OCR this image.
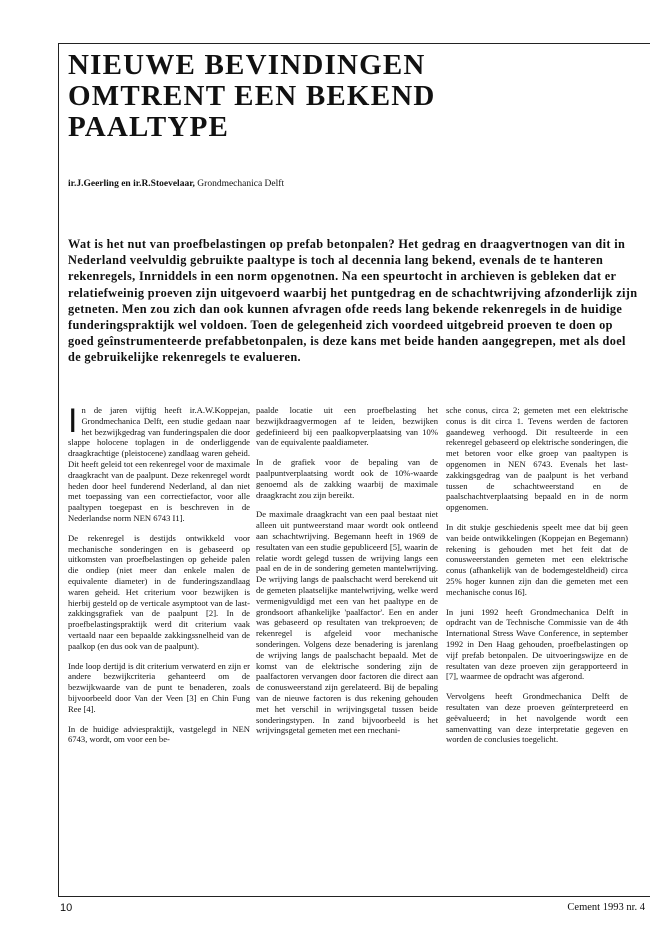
NIEUWE BEVINDINGEN
OMTRENT EEN BEKEND
PAALTYPE
ir.J.Geerling en ir.R.Stoevelaar, Grondmechanica Delft

Wat is het nut van proefbelastingen op prefab betonpalen? Het gedrag en draagvertnogen van dit in Nederland veelvuldig gebruikte paaltype is toch al decennia lang bekend, evenals de te hanteren rekenregels, Inrniddels in een norm opgenotnen. Na een speurtocht in archieven is gebleken dat er relatiefweinig proeven zijn uitgevoerd waarbij het puntgedrag en de schachtwrijving afzonderlijk zijn getneten. Men zou zich dan ook kunnen afvragen ofde reeds lang bekende rekenregels in de huidige funderingspraktijk wel voldoen. Toen de gelegenheid zich voordeed uitgebreid proeven te doen op goed geînstrumenteerde prefabbetonpalen, is deze kans met beide handen aangegrepen, met als doel de gebruikelijke rekenregels te evalueren.

In de jaren vijftig heeft ir.A.W.Koppejan, Grondmechanica Delft, een studie gedaan naar het bezwijkgedrag van funderingspalen die door slappe holocene toplagen in de onderliggende draagkrachtige (pleistocene) zandlaag waren geheid. Dit heeft geleid tot een rekenregel voor de maximale draagkracht van de paalpunt. Deze rekenregel wordt heden door heel funderend Nederland, al dan niet met toepassing van een correctiefactor, voor alle paaltypen toegepast en is beschreven in de Nederlandse norm NEN 6743 I1].

De rekenregel is destijds ontwikkeld voor mechanische sonderingen en is gebaseerd op uitkomsten van proefbelastingen op geheide palen die ondiep (niet meer dan enkele malen de equivalente diameter) in de funderingszandlaag waren geheid. Het criterium voor bezwijken is hierbij gesteld op de verticale asymptoot van de last-zakkingsgrafiek van de paalpunt [2]. In de proefbelastingspraktijk werd dit criterium vaak vertaald naar een bepaalde zakkingssnelheid van de paalkop (en dus ook van de paalpunt).

Inde loop dertijd is dit criterium verwaterd en zijn er andere bezwijkcriteria gehanteerd om de bezwijkwaarde van de punt te benaderen, zoals bijvoorbeeld door Van der Veen [3] en Chin Fung Ree [4].

In de huidige adviespraktijk, vastgelegd in NEN 6743, wordt, om voor een be-

paalde locatie uit een proefbelasting het bezwijkdraagvermogen af te leiden, bezwijken gedefinieerd bij een paalkopverplaatsing van 10% van de equivalente paaldiameter.

In de grafiek voor de bepaling van de paalpuntverplaatsing wordt ook de 10%-waarde genoemd als de zakking waarbij de maximale draagkracht zou zijn bereikt.

De maximale draagkracht van een paal bestaat niet alleen uit puntweerstand maar wordt ook ontleend aan schachtwrijving. Begemann heeft in 1969 de resultaten van een studie gepubliceerd [5], waarin de relatie wordt gelegd tussen de wrijving langs een paal en de in de sondering gemeten mantelwrijving. De wrijving langs de paalschacht werd berekend uit de gemeten plaatselijke mantelwrijving, welke werd vermenigvuldigd met een van het paaltype en de grondsoort afhankelijke 'paalfactor'. Een en ander was gebaseerd op resultaten van trekproeven; de rekenregel is afgeleid voor mechanische sonderingen. Volgens deze benadering is jarenlang de wrijving langs de paalschacht bepaald. Met de komst van de elektrische sondering zijn de paalfactoren vervangen door factoren die direct aan de conusweerstand zijn gerelateerd. Bij de bepaling van de nieuwe factoren is dus rekening gehouden met het verschil in wrijvingsgetal tussen beide sonderingstypen. In zand bijvoorbeeld is het wrijvingsgetal gemeten met een rnechani-

sche conus, circa 2; gemeten met een elektrische conus is dit circa 1. Tevens werden de factoren gaandeweg verhoogd. Dit resulteerde in een rekenregel gebaseerd op elektrische sonderingen, die met betoren voor elke groep van paaltypen is opgenomen in NEN 6743. Evenals het last-zakkingsgedrag van de paalpunt is het verband tussen de schachtweerstand en de paalschachtverplaatsing bepaald en in de norm opgenomen.

In dit stukje geschiedenis speelt mee dat bij geen van beide ontwikkelingen (Koppejan en Begemann) rekening is gehouden met het feit dat de conusweerstanden gemeten met een elektrische conus (afhankelijk van de bodemgesteldheid) circa 25% hoger kunnen zijn dan die gemeten met een mechanische conus I6].

In juni 1992 heeft Grondmechanica Delft in opdracht van de Technische Commissie van de 4th International Stress Wave Conference, in september 1992 in Den Haag gehouden, proefbelastingen op vijf prefab betonpalen. De uitvoeringswijze en de resultaten van deze proeven zijn gerapporteerd in [7], waarmee de opdracht was afgerond.

Vervolgens heeft Grondmechanica Delft de resultaten van deze proeven geïnterpreteerd en geëvalueerd; in het navolgende wordt een samenvatting van deze interpretatie gegeven en worden de conclusies toegelicht.

10	Cement 1993 nr. 4
